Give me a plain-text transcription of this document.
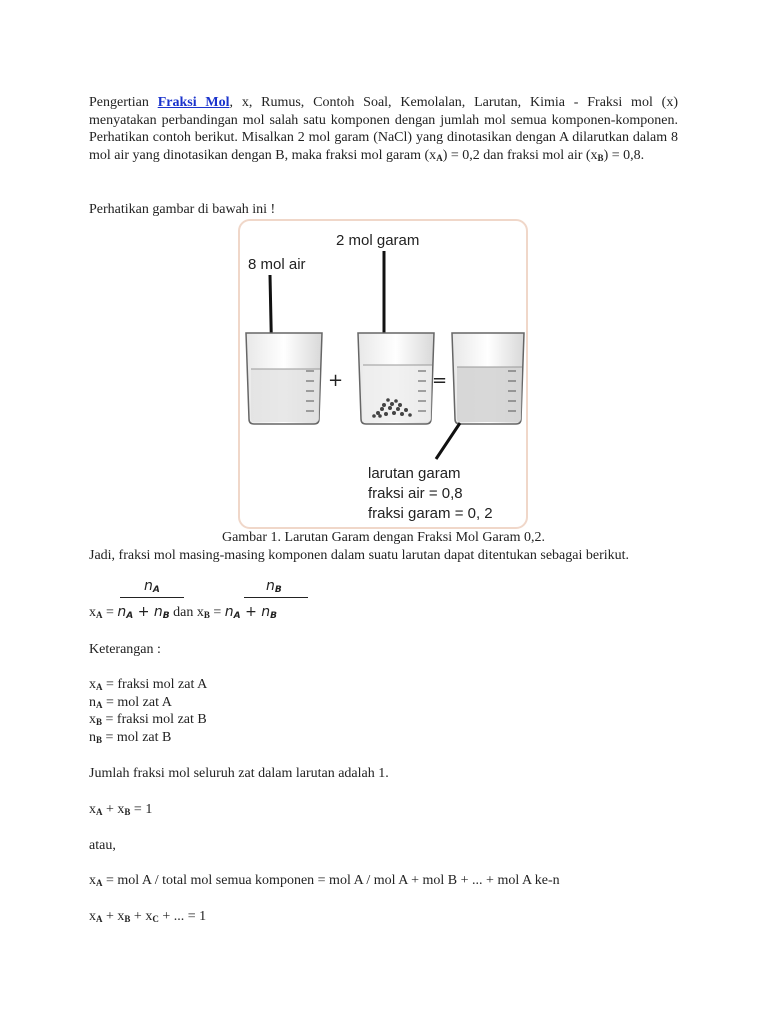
Pengertian Fraksi Mol, x, Rumus, Contoh Soal, Kemolalan, Larutan, Kimia - Fraksi mol (x) menyatakan perbandingan mol salah satu komponen dengan jumlah mol semua komponen-komponen. Perhatikan contoh berikut. Misalkan 2 mol garam (NaCl) yang dinotasikan dengan A dilarutkan dalam 8 mol air yang dinotasikan dengan B, maka fraksi mol garam $(x_A) = 0,2$ dan fraksi mol air $(x_B) = 0,8$.
Perhatikan gambar di bawah ini !
8 mol air
2 mol garam
+	=
larutan garam
fraksi air = 0,8
fraksi garam = 0, 2
Gambar 1. Larutan Garam dengan Fraksi Mol Garam 0,2.
Jadi, fraksi mol masing-masing komponen dalam suatu larutan dapat ditentukan sebagai berikut.
$n_A$	$n_B$
$x_A = n_A + n_B$ dan $x_B = n_A + n_B$
Keterangan :
$x_A$ = fraksi mol zat A
$n_A$ = mol zat A
$x_B$ = fraksi mol zat B
$n_B$ = mol zat B
Jumlah fraksi mol seluruh zat dalam larutan adalah 1.
$x_A + x_B = 1$
atau,
$x_A$ = mol A / total mol semua komponen = mol A / mol A + mol B + ... + mol A ke-n
$x_A + x_B + x_C$ + ... = 1
